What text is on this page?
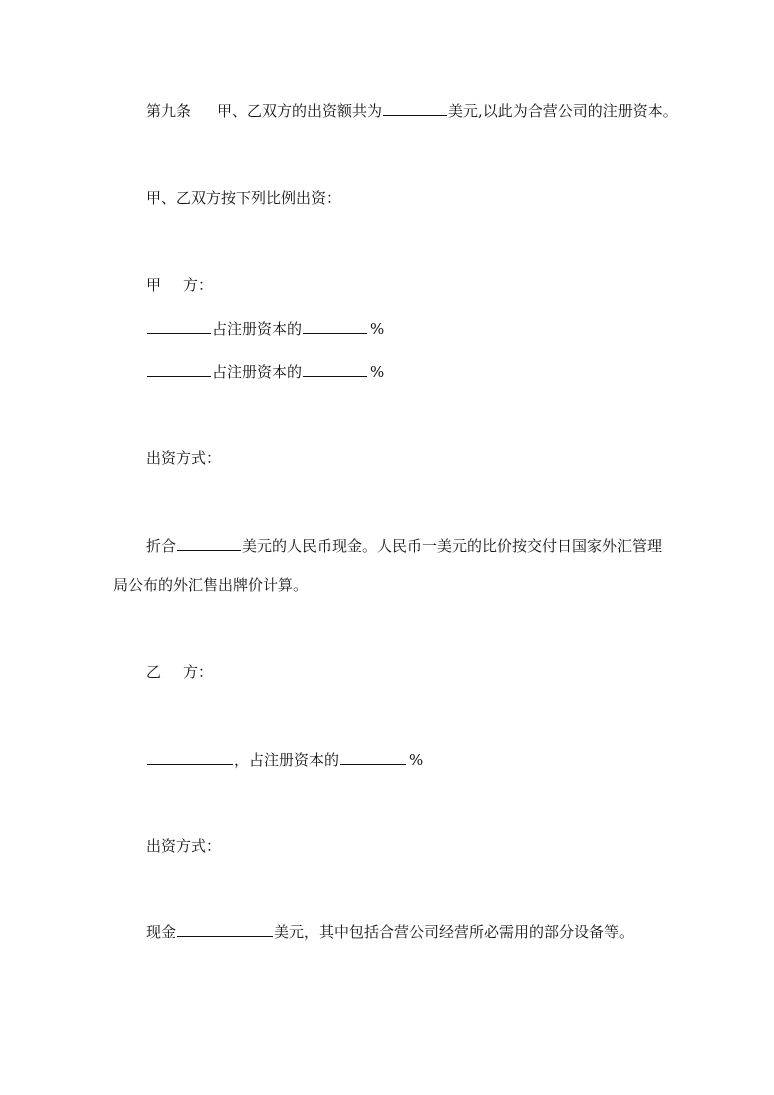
第九条 甲、乙双方的出资额共为	美元,以此为合营公司的注册资本。
甲、乙双方按下列比例出资：
甲 方：
占注册资本的	%
占注册资本的	%
出资方式：
折合	美元的人民币现金。人民币一美元的比价按交付日国家外汇管理
局公布的外汇售出牌价计算。
乙 方：
，占注册资本的	%
出资方式：
现金	美元，其中包括合营公司经营所必需用的部分设备等。
